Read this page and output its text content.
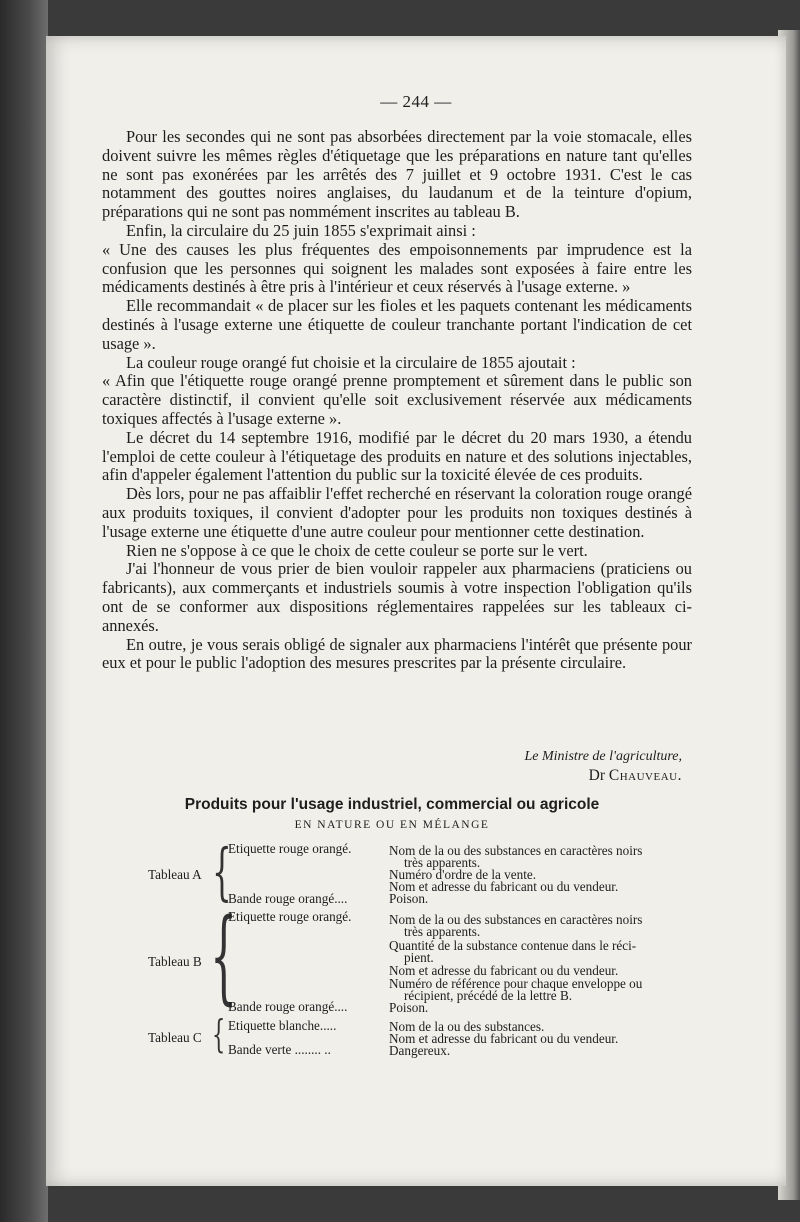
— 244 —

Pour les secondes qui ne sont pas absorbées directement par la voie stomacale, elles doivent suivre les mêmes règles d'étiquetage que les préparations en nature tant qu'elles ne sont pas exonérées par les arrêtés des 7 juillet et 9 octobre 1931. C'est le cas notamment des gouttes noires anglaises, du laudanum et de la teinture d'opium, préparations qui ne sont pas nommément inscrites au tableau B.

Enfin, la circulaire du 25 juin 1855 s'exprimait ainsi :

« Une des causes les plus fréquentes des empoisonnements par imprudence est la confusion que les personnes qui soignent les malades sont exposées à faire entre les médicaments destinés à être pris à l'intérieur et ceux réservés à l'usage externe. »

Elle recommandait « de placer sur les fioles et les paquets contenant les médicaments destinés à l'usage externe une étiquette de couleur tranchante portant l'indication de cet usage ».

La couleur rouge orangé fut choisie et la circulaire de 1855 ajoutait :

« Afin que l'étiquette rouge orangé prenne promptement et sûrement dans le public son caractère distinctif, il convient qu'elle soit exclusivement réservée aux médicaments toxiques affectés à l'usage externe ».

Le décret du 14 septembre 1916, modifié par le décret du 20 mars 1930, a étendu l'emploi de cette couleur à l'étiquetage des produits en nature et des solutions injectables, afin d'appeler également l'attention du public sur la toxicité élevée de ces produits.

Dès lors, pour ne pas affaiblir l'effet recherché en réservant la coloration rouge orangé aux produits toxiques, il convient d'adopter pour les produits non toxiques destinés à l'usage externe une étiquette d'une autre couleur pour mentionner cette destination.

Rien ne s'oppose à ce que le choix de cette couleur se porte sur le vert.

J'ai l'honneur de vous prier de bien vouloir rappeler aux pharmaciens (praticiens ou fabricants), aux commerçants et industriels soumis à votre inspection l'obligation qu'ils ont de se conformer aux dispositions réglementaires rappelées sur les tableaux ci-annexés.

En outre, je vous serais obligé de signaler aux pharmaciens l'intérêt que présente pour eux et pour le public l'adoption des mesures prescrites par la présente circulaire.

Le Ministre de l'agriculture,
Dr Chauveau.
Produits pour l'usage industriel, commercial ou agricole
EN NATURE OU EN MÉLANGE
Tableau A {
Etiquette rouge orangé.
Bande rouge orangé....
Nom de la ou des substances en caractères noirs
très apparents.
Numéro d'ordre de la vente.
Nom et adresse du fabricant ou du vendeur.
Poison.
Tableau B {
Etiquette rouge orangé.
Bande rouge orangé....
Nom de la ou des substances en caractères noirs
très apparents.
Quantité de la substance contenue dans le réci-
pient.
Nom et adresse du fabricant ou du vendeur.
Numéro de référence pour chaque enveloppe ou
récipient, précédé de la lettre B.
Poison.
Tableau C { Etiquette blanche.....
Bande verte ........ ..
Nom de la ou des substances.
Nom et adresse du fabricant ou du vendeur.
Dangereux.
